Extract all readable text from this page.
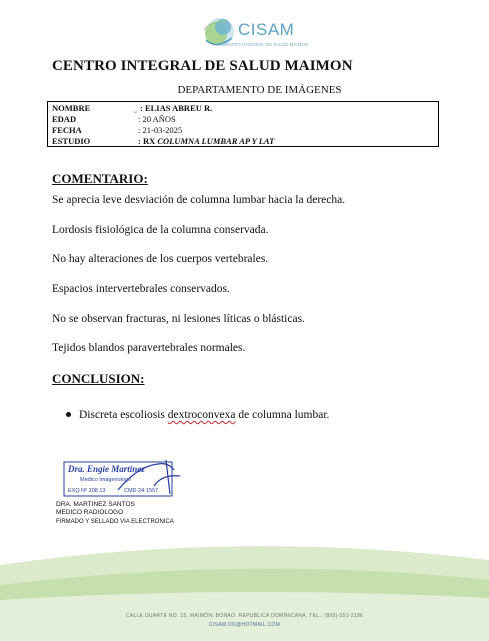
CISAM
CENTRO INTEGRAL DE SALUD MAIMON
CENTRO INTEGRAL DE SALUD MAIMON
DEPARTAMENTO DE IMÁGENES
NOMBRE	˽ : ELIAS ABREU R.
EDAD	: 20 AÑOS
FECHA	: 21-03-2025
ESTUDIO	: RX COLUMNA LUMBAR AP Y LAT
COMENTARIO:
Se aprecia leve desviación de columna lumbar hacia la derecha.
Lordosis fisiológica de la columna conservada.
No hay alteraciones de los cuerpos vertebrales.
Espacios intervertebrales conservados.
No se observan fracturas, ni lesiones líticas o blásticas.
Tejidos blandos paravertebrales normales.
CONCLUSION:
Discreta escoliosis dextroconvexa de columna lumbar.
Dra. Engie Martinez
Medico Imagenologo
EXQ Nº 208 13	CMD 24-1557
DRA. MARTINEZ SANTOS
MEDICO RADIOLOGO
FIRMADO Y SELLADO VIA ELECTRONICA
CALLE DUARTE NO. 15, MAIMÓN, BONAO, REPUBLICA DOMINICANA, TEL.: (809)-551-2196
CISAM.DO@HOTMAIL.COM
